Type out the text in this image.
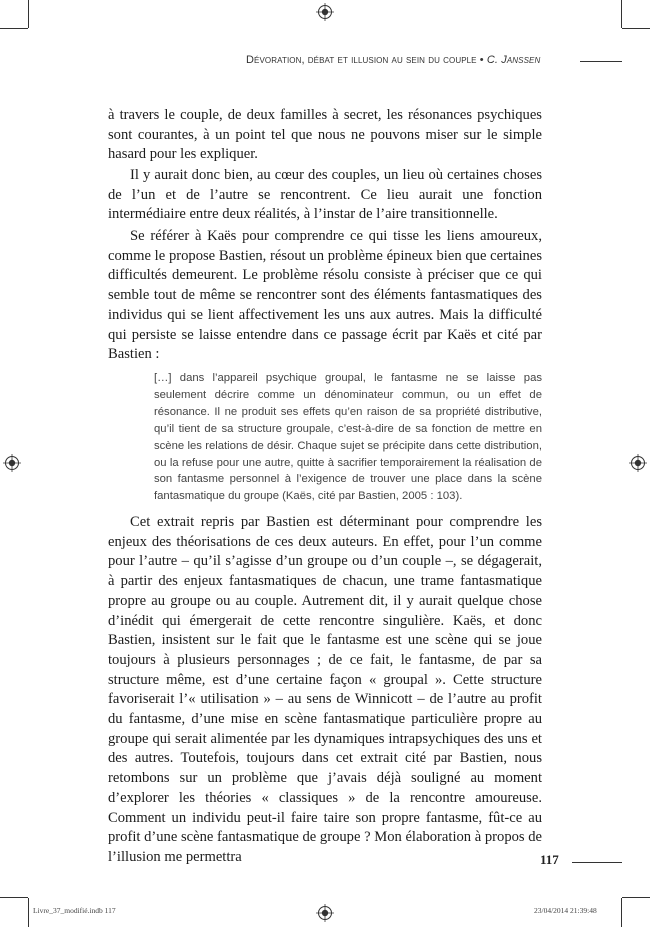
Dévoration, débat et illusion au sein du couple • C. Janssen

à travers le couple, de deux familles à secret, les résonances psychiques sont courantes, à un point tel que nous ne pouvons miser sur le simple hasard pour les expliquer.

Il y aurait donc bien, au cœur des couples, un lieu où certaines choses de l’un et de l’autre se rencontrent. Ce lieu aurait une fonction intermédiaire entre deux réalités, à l’instar de l’aire transitionnelle.

Se référer à Kaës pour comprendre ce qui tisse les liens amoureux, comme le propose Bastien, résout un problème épineux bien que certaines difficultés demeurent. Le problème résolu consiste à préciser que ce qui semble tout de même se rencontrer sont des éléments fantasmatiques des individus qui se lient affectivement les uns aux autres. Mais la difficulté qui persiste se laisse entendre dans ce passage écrit par Kaës et cité par Bastien :

[…] dans l’appareil psychique groupal, le fantasme ne se laisse pas seulement décrire comme un dénominateur commun, ou un effet de résonance. Il ne produit ses effets qu’en raison de sa propriété distributive, qu’il tient de sa structure groupale, c’est-à-dire de sa fonction de mettre en scène les relations de désir. Chaque sujet se précipite dans cette distribution, ou la refuse pour une autre, quitte à sacrifier temporairement la réalisation de son fantasme personnel à l’exigence de trouver une place dans la scène fantasmatique du groupe (Kaës, cité par Bastien, 2005 : 103).

Cet extrait repris par Bastien est déterminant pour comprendre les enjeux des théorisations de ces deux auteurs. En effet, pour l’un comme pour l’autre – qu’il s’agisse d’un groupe ou d’un couple –, se dégagerait, à partir des enjeux fantasmatiques de chacun, une trame fantasmatique propre au groupe ou au couple. Autrement dit, il y aurait quelque chose d’inédit qui émergerait de cette rencontre singulière. Kaës, et donc Bastien, insistent sur le fait que le fantasme est une scène qui se joue toujours à plusieurs personnages ; de ce fait, le fantasme, de par sa structure même, est d’une certaine façon « groupal ». Cette structure favoriserait l’« utilisation » – au sens de Winnicott – de l’autre au profit du fantasme, d’une mise en scène fantasmatique particulière propre au groupe qui serait alimentée par les dynamiques intrapsychiques des uns et des autres. Toutefois, toujours dans cet extrait cité par Bastien, nous retombons sur un problème que j’avais déjà souligné au moment d’explorer les théories « classiques » de la rencontre amoureuse. Comment un individu peut-il faire taire son propre fantasme, fût-ce au profit d’une scène fantasmatique de groupe ? Mon élaboration à propos de l’illusion me permettra	117
Livre_37_modifié.indb 117	23/04/2014 21:39:48
